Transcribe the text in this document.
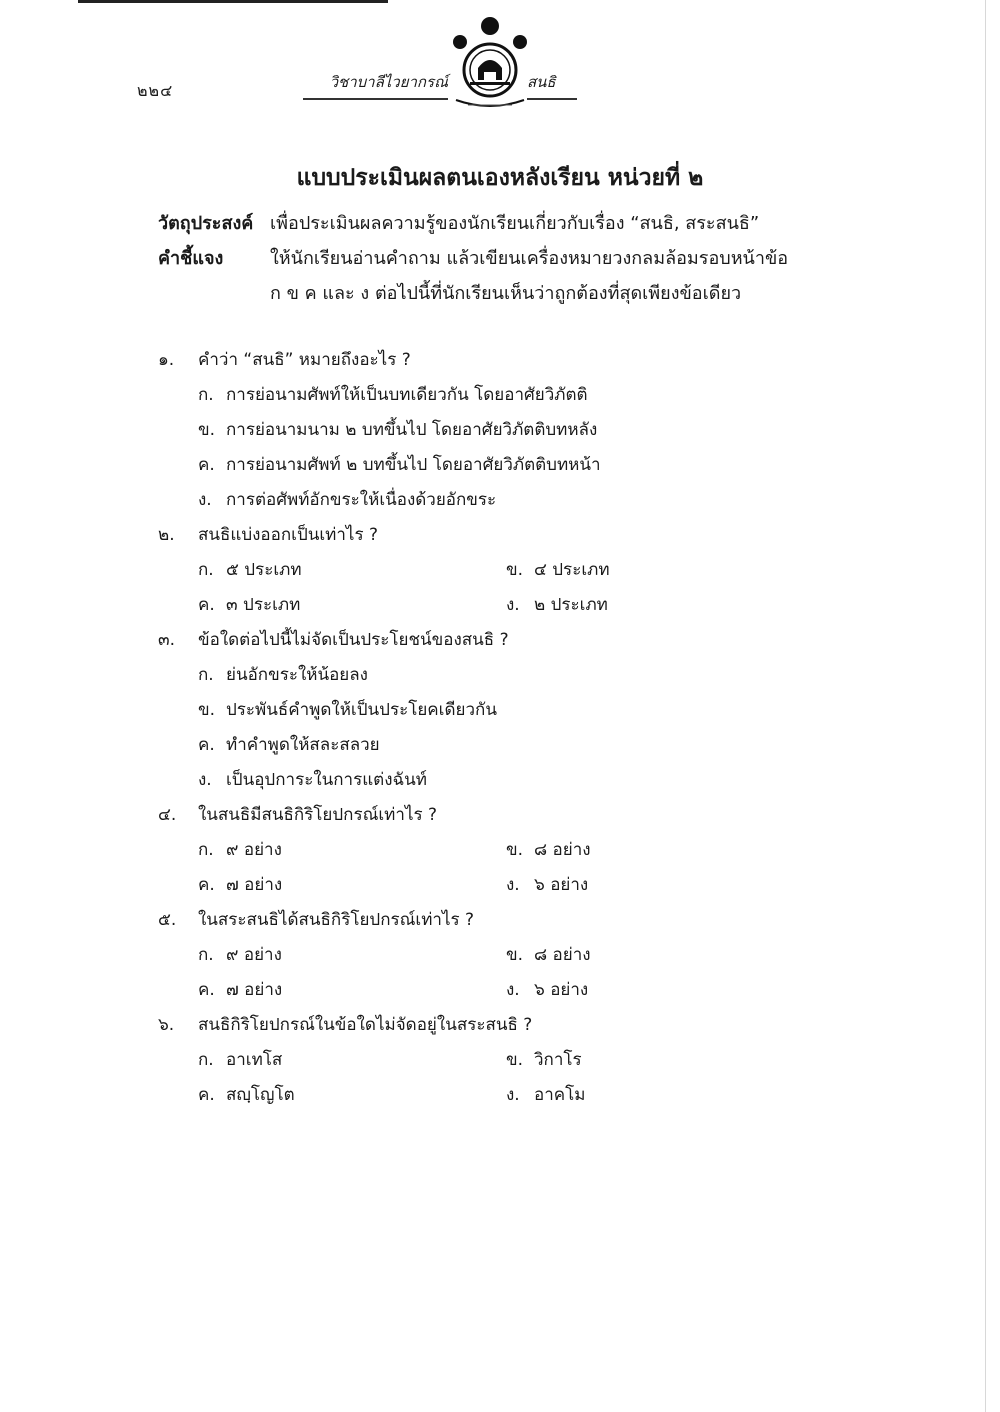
๒๒๔	วิชาบาลีไวยากรณ์	สนธิ
แบบประเมินผลตนเองหลังเรียน หน่วยที่ ๒
วัตถุประสงค์ เพื่อประเมินผลความรู้ของนักเรียนเกี่ยวกับเรื่อง “สนธิ, สระสนธิ”
คำชี้แจง	ให้นักเรียนอ่านคำถาม แล้วเขียนเครื่องหมายวงกลมล้อมรอบหน้าข้อ
ก ข ค และ ง ต่อไปนี้ที่นักเรียนเห็นว่าถูกต้องที่สุดเพียงข้อเดียว
๑. คำว่า “สนธิ” หมายถึงอะไร ?
ก. การย่อนามศัพท์ให้เป็นบทเดียวกัน โดยอาศัยวิภัตติ
ข. การย่อนามนาม ๒ บทขึ้นไป โดยอาศัยวิภัตติบทหลัง
ค. การย่อนามศัพท์ ๒ บทขึ้นไป โดยอาศัยวิภัตติบทหน้า
ง. การต่อศัพท์อักขระให้เนื่องด้วยอักขระ
๒. สนธิแบ่งออกเป็นเท่าไร ?
ก. ๕ ประเภท	ข. ๔ ประเภท
ค. ๓ ประเภท	ง. ๒ ประเภท
๓. ข้อใดต่อไปนี้ไม่จัดเป็นประโยชน์ของสนธิ ?
ก. ย่นอักขระให้น้อยลง
ข. ประพันธ์คำพูดให้เป็นประโยคเดียวกัน
ค. ทำคำพูดให้สละสลวย
ง. เป็นอุปการะในการแต่งฉันท์
๔. ในสนธิมีสนธิกิริโยปกรณ์เท่าไร ?
ก. ๙ อย่าง	ข. ๘ อย่าง
ค. ๗ อย่าง	ง. ๖ อย่าง
๕. ในสระสนธิได้สนธิกิริโยปกรณ์เท่าไร ?
ก. ๙ อย่าง	ข. ๘ อย่าง
ค. ๗ อย่าง	ง. ๖ อย่าง
๖. สนธิกิริโยปกรณ์ในข้อใดไม่จัดอยู่ในสระสนธิ ?
ก. อาเทโส	ข. วิกาโร
ค. สญฺโญโต	ง. อาคโม
